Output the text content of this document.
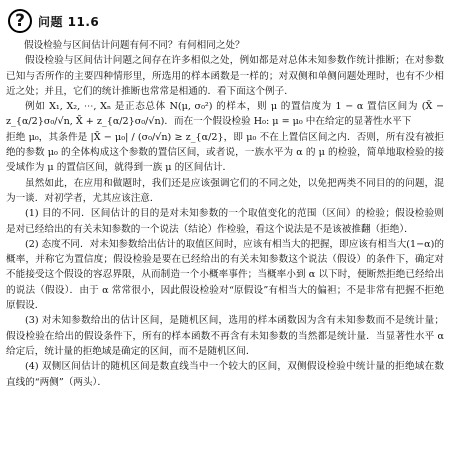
?	问题 11.6
假设检验与区间估计问题有何不同？有何相同之处？

假设检验与区间估计问题之间存在许多相似之处，例如都是对总体未知参数作统计推断；在对参数已知与否所作的主要四种情形里，所选用的样本函数是一样的；对双侧和单侧问题处理时，也有不少相近之处；并且，它们的统计推断也常常是相通的．看下面这个例子．

例如 X₁, X₂, ⋯, Xₙ 是正态总体 N(μ, σ₀²) 的样本，则 μ 的置信度为 1 − α 置信区间为 (X̄ − z_{α/2}σ₀/√n, X̄ + z_{α/2}σ₀/√n)．而在一个假设检验 H₀: μ = μ₀ 中在给定的显著性水平下

拒绝 μ₀，其条件是 |X̄ − μ₀| / (σ₀/√n) ≥ z_{α/2}，即 μ₀ 不在上置信区间之内．否则，所有没有被拒绝的参数 μ₀ 的全体构成这个参数的置信区间，或者说，一族水平为 α 的 μ 的检验，简单地取检验的接受域作为 μ 的置信区间，就得到一族 μ 的区间估计．

虽然如此，在应用和做题时，我们还是应该强调它们的不同之处，以免把两类不同目的的问题，混为一谈．对初学者，尤其应该注意．

(1) 目的不同．区间估计的目的是对未知参数的一个取值变化的范围（区间）的检验；假设检验则是对已经给出的有关未知参数的一个说法（结论）作检验，看这个说法是不是该被推翻（拒绝）．

(2) 态度不同．对未知参数给出估计的取值区间时，应该有相当大的把握，即应该有相当大(1−α)的概率，并称它为置信度；假设检验是要在已经给出的有关未知参数这个说法（假设）的条件下，确定对不能接受这个假设的容忍界限，从而制造一个小概率事件；当概率小到 α 以下时，便断然拒绝已经给出的说法（假设）．由于 α 常常很小，因此假设检验对“原假设”有相当大的偏袒；不是非常有把握不拒绝原假设．

(3) 对未知参数给出的估计区间，是随机区间，选用的样本函数因为含有未知参数而不是统计量；假设检验在给出的假设条件下，所有的样本函数不再含有未知参数的当然都是统计量．当显著性水平 α 给定后，统计量的拒绝域是确定的区间，而不是随机区间．

(4) 双侧区间估计的随机区间是数直线当中一个较大的区间，双侧假设检验中统计量的拒绝域在数直线的“两侧”（两头）．
